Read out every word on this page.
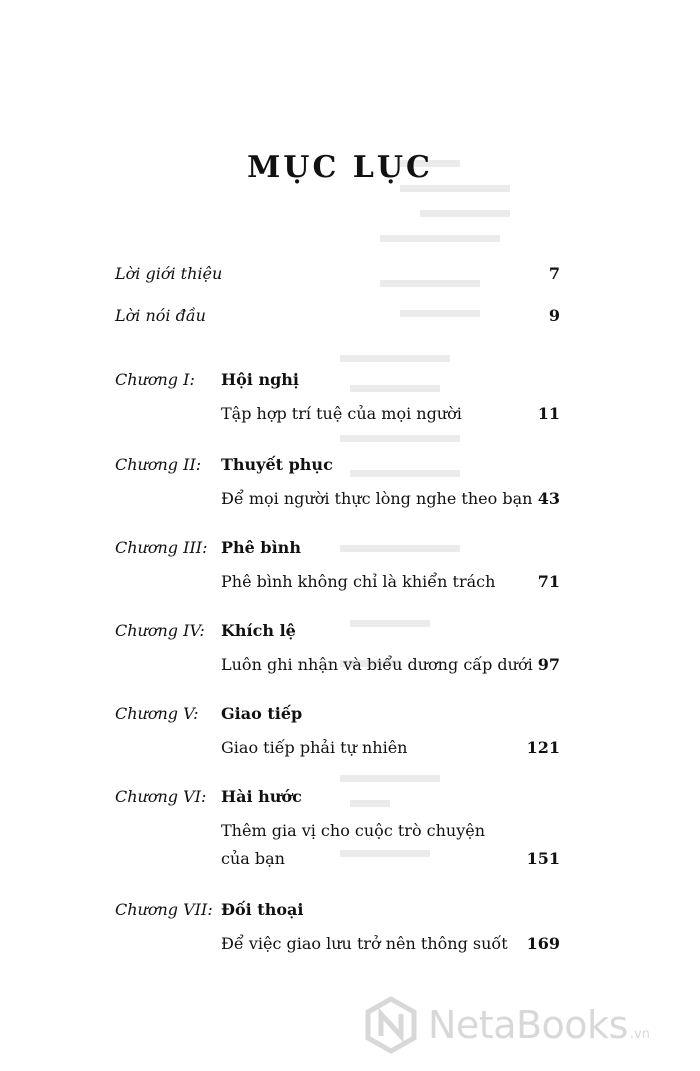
MỤC LỤC
Lời giới thiệu	7
Lời nói đầu	9
Chương I: Hội nghị
Tập hợp trí tuệ của mọi người	11
Chương II: Thuyết phục
Để mọi người thực lòng nghe theo bạn 43
Chương III: Phê bình
Phê bình không chỉ là khiển trách	71
Chương IV: Khích lệ
Luôn ghi nhận và biểu dương cấp dưới 97
Chương V: Giao tiếp
Giao tiếp phải tự nhiên	121
Chương VI: Hài hước
Thêm gia vị cho cuộc trò chuyện
của bạn	151
Chương VII: Đối thoại
Để việc giao lưu trở nên thông suốt 169
NetaBooks .vn
